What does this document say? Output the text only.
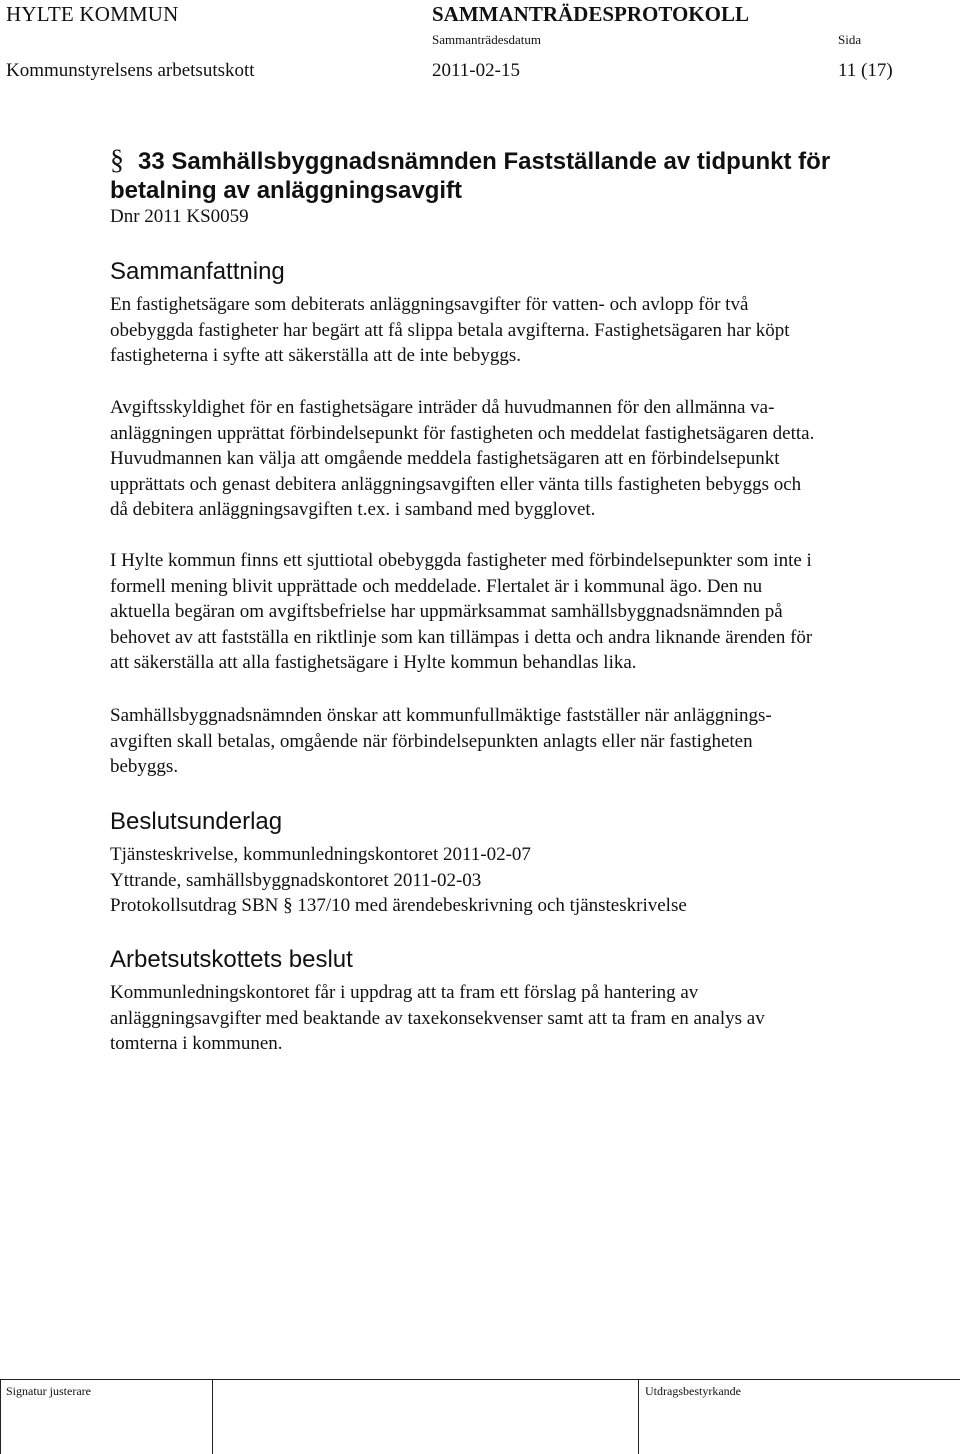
HYLTE KOMMUN	SAMMANTRÄDESPROTOKOLL
Sammanträdesdatum	Sida
Kommunstyrelsens arbetsutskott	2011-02-15	11 (17)
§ 33 Samhällsbyggnadsnämnden Fastställande av tidpunkt för
betalning av anläggningsavgift
Dnr 2011 KS0059
Sammanfattning
En fastighetsägare som debiterats anläggningsavgifter för vatten- och avlopp för två
obebyggda fastigheter har begärt att få slippa betala avgifterna. Fastighetsägaren har köpt
fastigheterna i syfte att säkerställa att de inte bebyggs.
Avgiftsskyldighet för en fastighetsägare inträder då huvudmannen för den allmänna va-
anläggningen upprättat förbindelsepunkt för fastigheten och meddelat fastighetsägaren detta.
Huvudmannen kan välja att omgående meddela fastighetsägaren att en förbindelsepunkt
upprättats och genast debitera anläggningsavgiften eller vänta tills fastigheten bebyggs och
då debitera anläggningsavgiften t.ex. i samband med bygglovet.
I Hylte kommun finns ett sjuttiotal obebyggda fastigheter med förbindelsepunkter som inte i
formell mening blivit upprättade och meddelade. Flertalet är i kommunal ägo. Den nu
aktuella begäran om avgiftsbefrielse har uppmärksammat samhällsbyggnadsnämnden på
behovet av att fastställa en riktlinje som kan tillämpas i detta och andra liknande ärenden för
att säkerställa att alla fastighetsägare i Hylte kommun behandlas lika.
Samhällsbyggnadsnämnden önskar att kommunfullmäktige fastställer när anläggnings-
avgiften skall betalas, omgående när förbindelsepunkten anlagts eller när fastigheten
bebyggs.
Beslutsunderlag
Tjänsteskrivelse, kommunledningskontoret 2011-02-07
Yttrande, samhällsbyggnadskontoret 2011-02-03
Protokollsutdrag SBN § 137/10 med ärendebeskrivning och tjänsteskrivelse
Arbetsutskottets beslut
Kommunledningskontoret får i uppdrag att ta fram ett förslag på hantering av
anläggningsavgifter med beaktande av taxekonsekvenser samt att ta fram en analys av
tomterna i kommunen.
Signatur justerare	Utdragsbestyrkande
